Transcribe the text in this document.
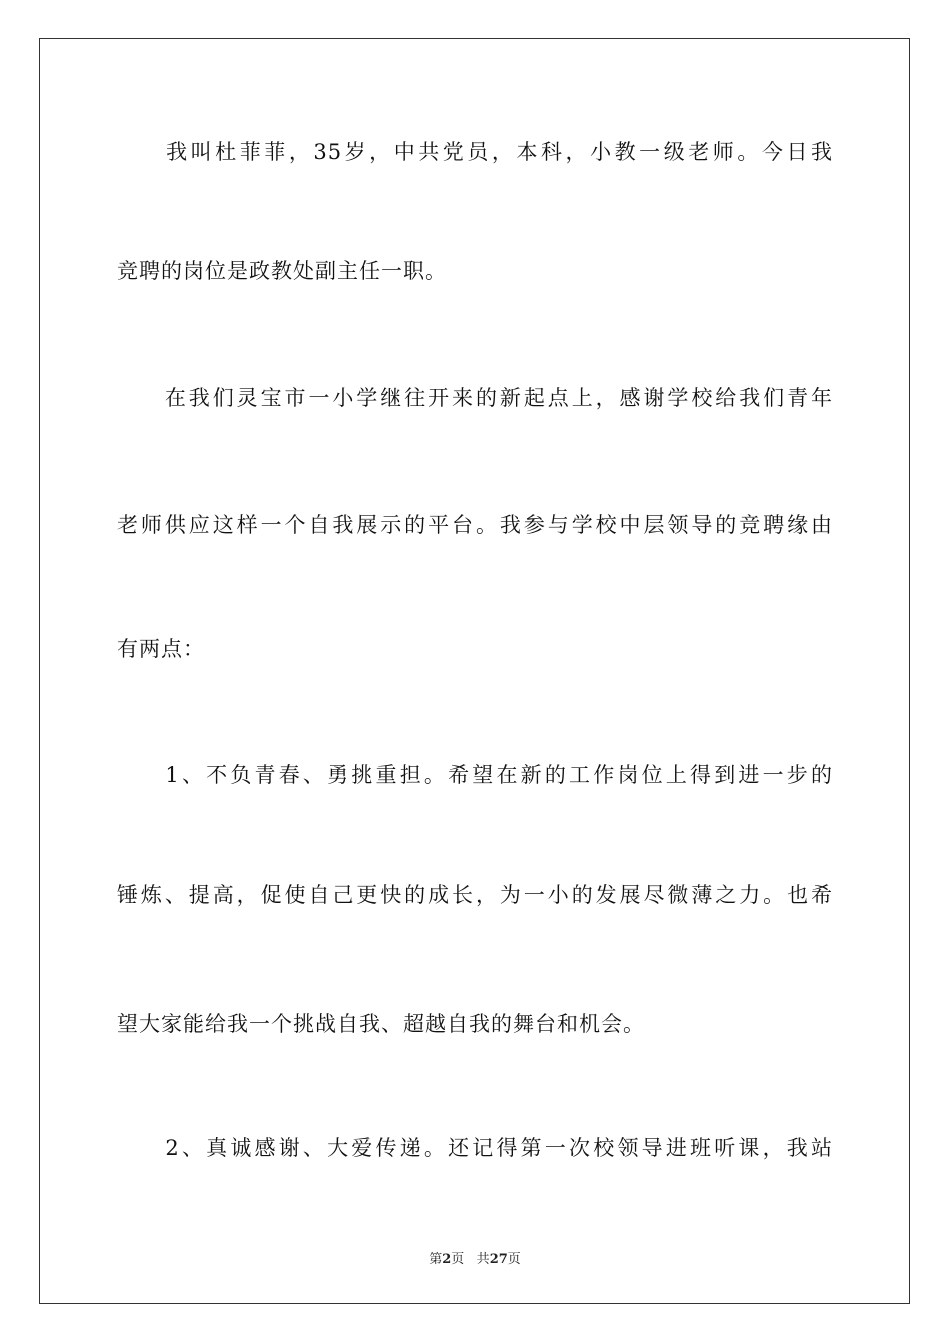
　　我叫杜菲菲，35岁，中共党员，本科，小教一级老师。今日我
竞聘的岗位是政教处副主任一职。
　　在我们灵宝市一小学继往开来的新起点上，感谢学校给我们青年
老师供应这样一个自我展示的平台。我参与学校中层领导的竞聘缘由
有两点：
　　1、不负青春、勇挑重担。希望在新的工作岗位上得到进一步的
锤炼、提高，促使自己更快的成长，为一小的发展尽微薄之力。也希
望大家能给我一个挑战自我、超越自我的舞台和机会。
　　2、真诚感谢、大爱传递。还记得第一次校领导进班听课，我站
第2页 共27页
